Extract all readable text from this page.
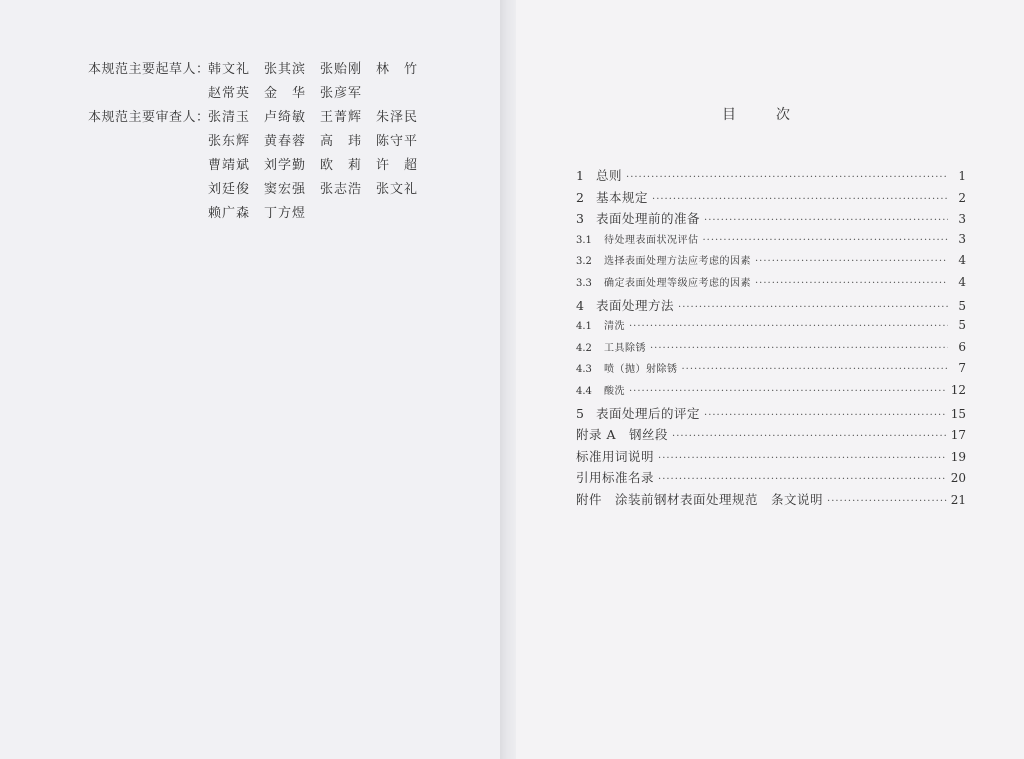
本规范主要起草人：
韩文礼	张其滨	张贻刚	林　竹
赵常英	金　华	张彦军
本规范主要审查人：
张清玉	卢绮敏	王菁辉	朱泽民
张东辉	黄春蓉	高　玮	陈守平
曹靖斌	刘学勤	欧　莉	许　超
刘廷俊	窦宏强	张志浩	张文礼
赖广森	丁方煜
目次
1 总则 ·····	1
2 基本规定 ·····	2
3 表面处理前的准备 ·····	3
3.1	待处理表面状况评估 ·····	3
3.2	选择表面处理方法应考虑的因素 ·····	4
3.3	确定表面处理等级应考虑的因素 ·····	4
4 表面处理方法 ·····	5
4.1	清洗 ·····	5
4.2	工具除锈 ·····	6
4.3	喷（抛）射除锈 ·····	7
4.4	酸洗 ·····	12
5 表面处理后的评定 ·····	15
附录 A　钢丝段 ·····	17
标准用词说明 ·····	19
引用标准名录 ·····	20
附件　涂装前钢材表面处理规范　条文说明 ·····	21
